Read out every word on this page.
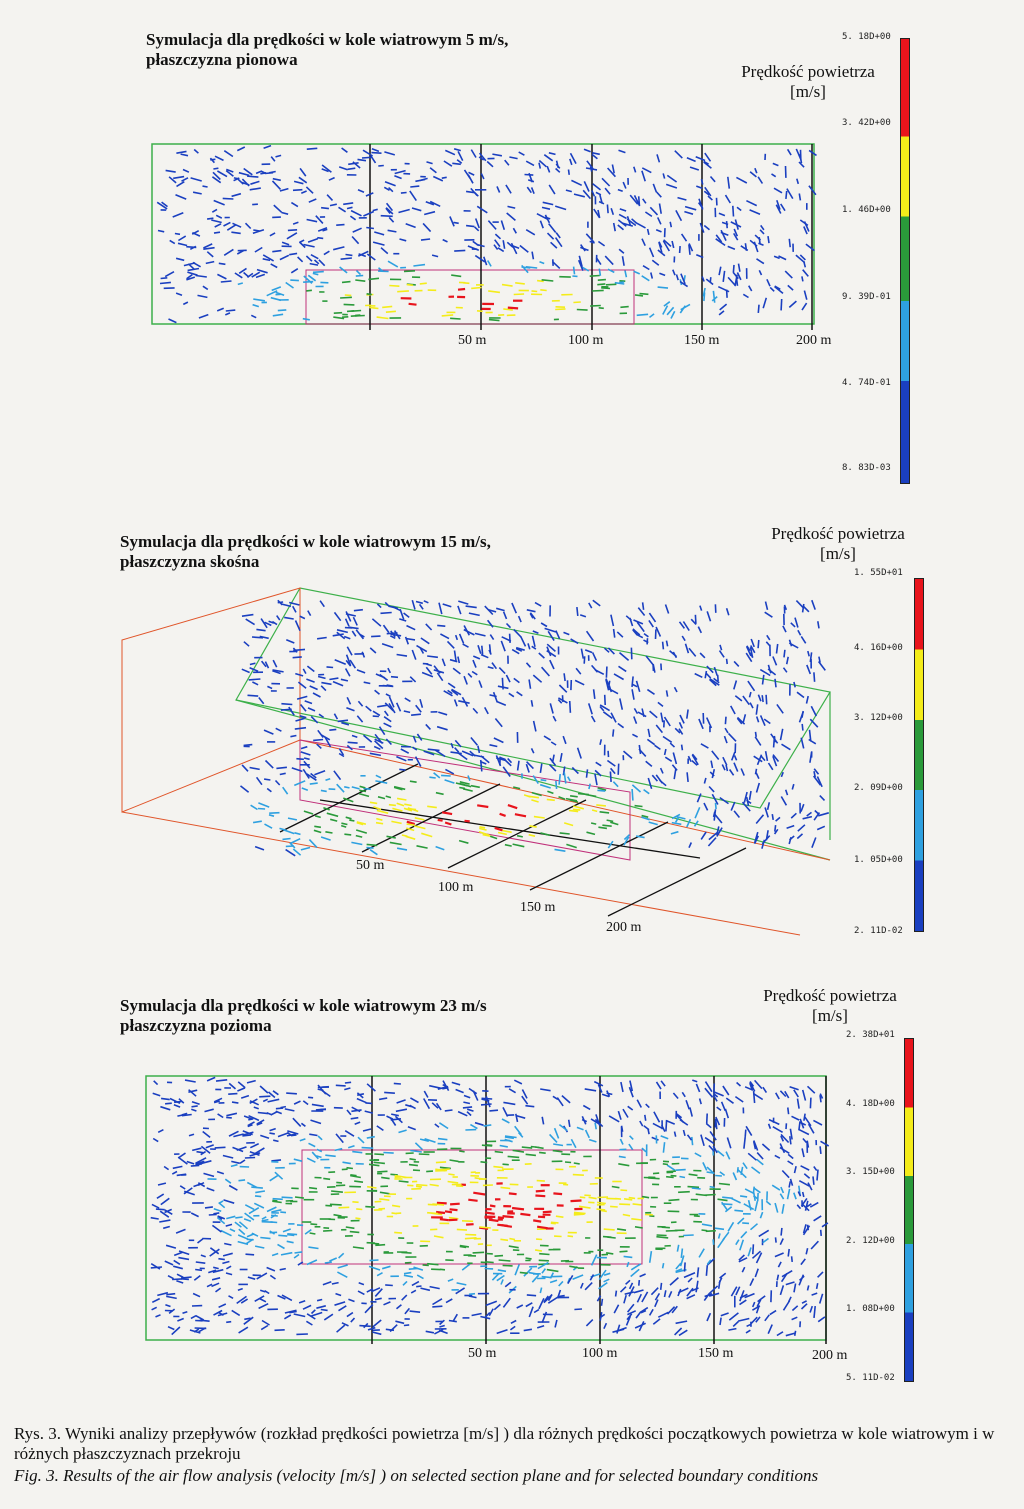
Symulacja dla prędkości w kole wiatrowym 5 m/s,
płaszczyzna pionowa
Prędkość powietrza
[m/s]
5. 18D+00
3. 42D+00
1. 46D+00
9. 39D-01
4. 74D-01
8. 83D-03
50 m	100 m	150 m	200 m
Symulacja dla prędkości w kole wiatrowym 15 m/s,
płaszczyzna skośna
Prędkość powietrza
[m/s]
1. 55D+01
4. 16D+00
3. 12D+00
2. 09D+00
1. 05D+00
2. 11D-02
50 m
100 m
150 m
200 m
Symulacja dla prędkości w kole wiatrowym 23 m/s
płaszczyzna pozioma
Prędkość powietrza
[m/s]
2. 38D+01
4. 18D+00
3. 15D+00
2. 12D+00
1. 08D+00
5. 11D-02
50 m	100 m	150 m	200 m
Rys. 3. Wyniki analizy przepływów (rozkład prędkości powietrza [m/s] ) dla różnych prędkości początkowych powietrza w kole wiatrowym i w różnych płaszczyznach przekroju
Fig. 3. Results of the air flow analysis (velocity [m/s] ) on selected section plane and for selected boundary conditions
